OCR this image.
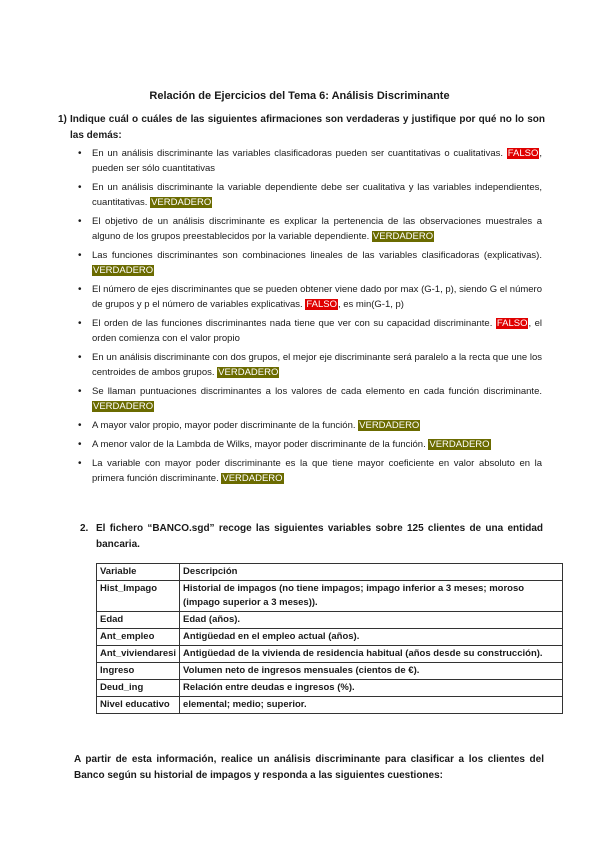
Relación de Ejercicios del Tema 6: Análisis Discriminante
1) Indique cuál o cuáles de las siguientes afirmaciones son verdaderas y justifique por qué no lo son las demás:
• En un análisis discriminante las variables clasificadoras pueden ser cuantitativas o cualitativas. FALSO, pueden ser sólo cuantitativas
• En un análisis discriminante la variable dependiente debe ser cualitativa y las variables independientes, cuantitativas. VERDADERO
• El objetivo de un análisis discriminante es explicar la pertenencia de las observaciones muestrales a alguno de los grupos preestablecidos por la variable dependiente. VERDADERO
• Las funciones discriminantes son combinaciones lineales de las variables clasificadoras (explicativas). VERDADERO
• El número de ejes discriminantes que se pueden obtener viene dado por max (G-1, p), siendo G el número de grupos y p el número de variables explicativas. FALSO, es min(G-1, p)
• El orden de las funciones discriminantes nada tiene que ver con su capacidad discriminante. FALSO, el orden comienza con el valor propio
• En un análisis discriminante con dos grupos, el mejor eje discriminante será paralelo a la recta que une los centroides de ambos grupos. VERDADERO
• Se llaman puntuaciones discriminantes a los valores de cada elemento en cada función discriminante. VERDADERO
• A mayor valor propio, mayor poder discriminante de la función. VERDADERO
• A menor valor de la Lambda de Wilks, mayor poder discriminante de la función. VERDADERO
• La variable con mayor poder discriminante es la que tiene mayor coeficiente en valor absoluto en la primera función discriminante. VERDADERO
2. El fichero “BANCO.sgd” recoge las siguientes variables sobre 125 clientes de una entidad bancaria.
Variable	Descripción
Hist_Impago	Historial de impagos (no tiene impagos; impago inferior a 3 meses; moroso (impago superior a 3 meses)).
Edad	Edad (años).
Ant_empleo	Antigüedad en el empleo actual (años).
Ant_viviendaresi	Antigüedad de la vivienda de residencia habitual (años desde su construcción).
Ingreso	Volumen neto de ingresos mensuales (cientos de €).
Deud_ing	Relación entre deudas e ingresos (%).
Nivel educativo	elemental; medio; superior.
A partir de esta información, realice un análisis discriminante para clasificar a los clientes del Banco según su historial de impagos y responda a las siguientes cuestiones:
